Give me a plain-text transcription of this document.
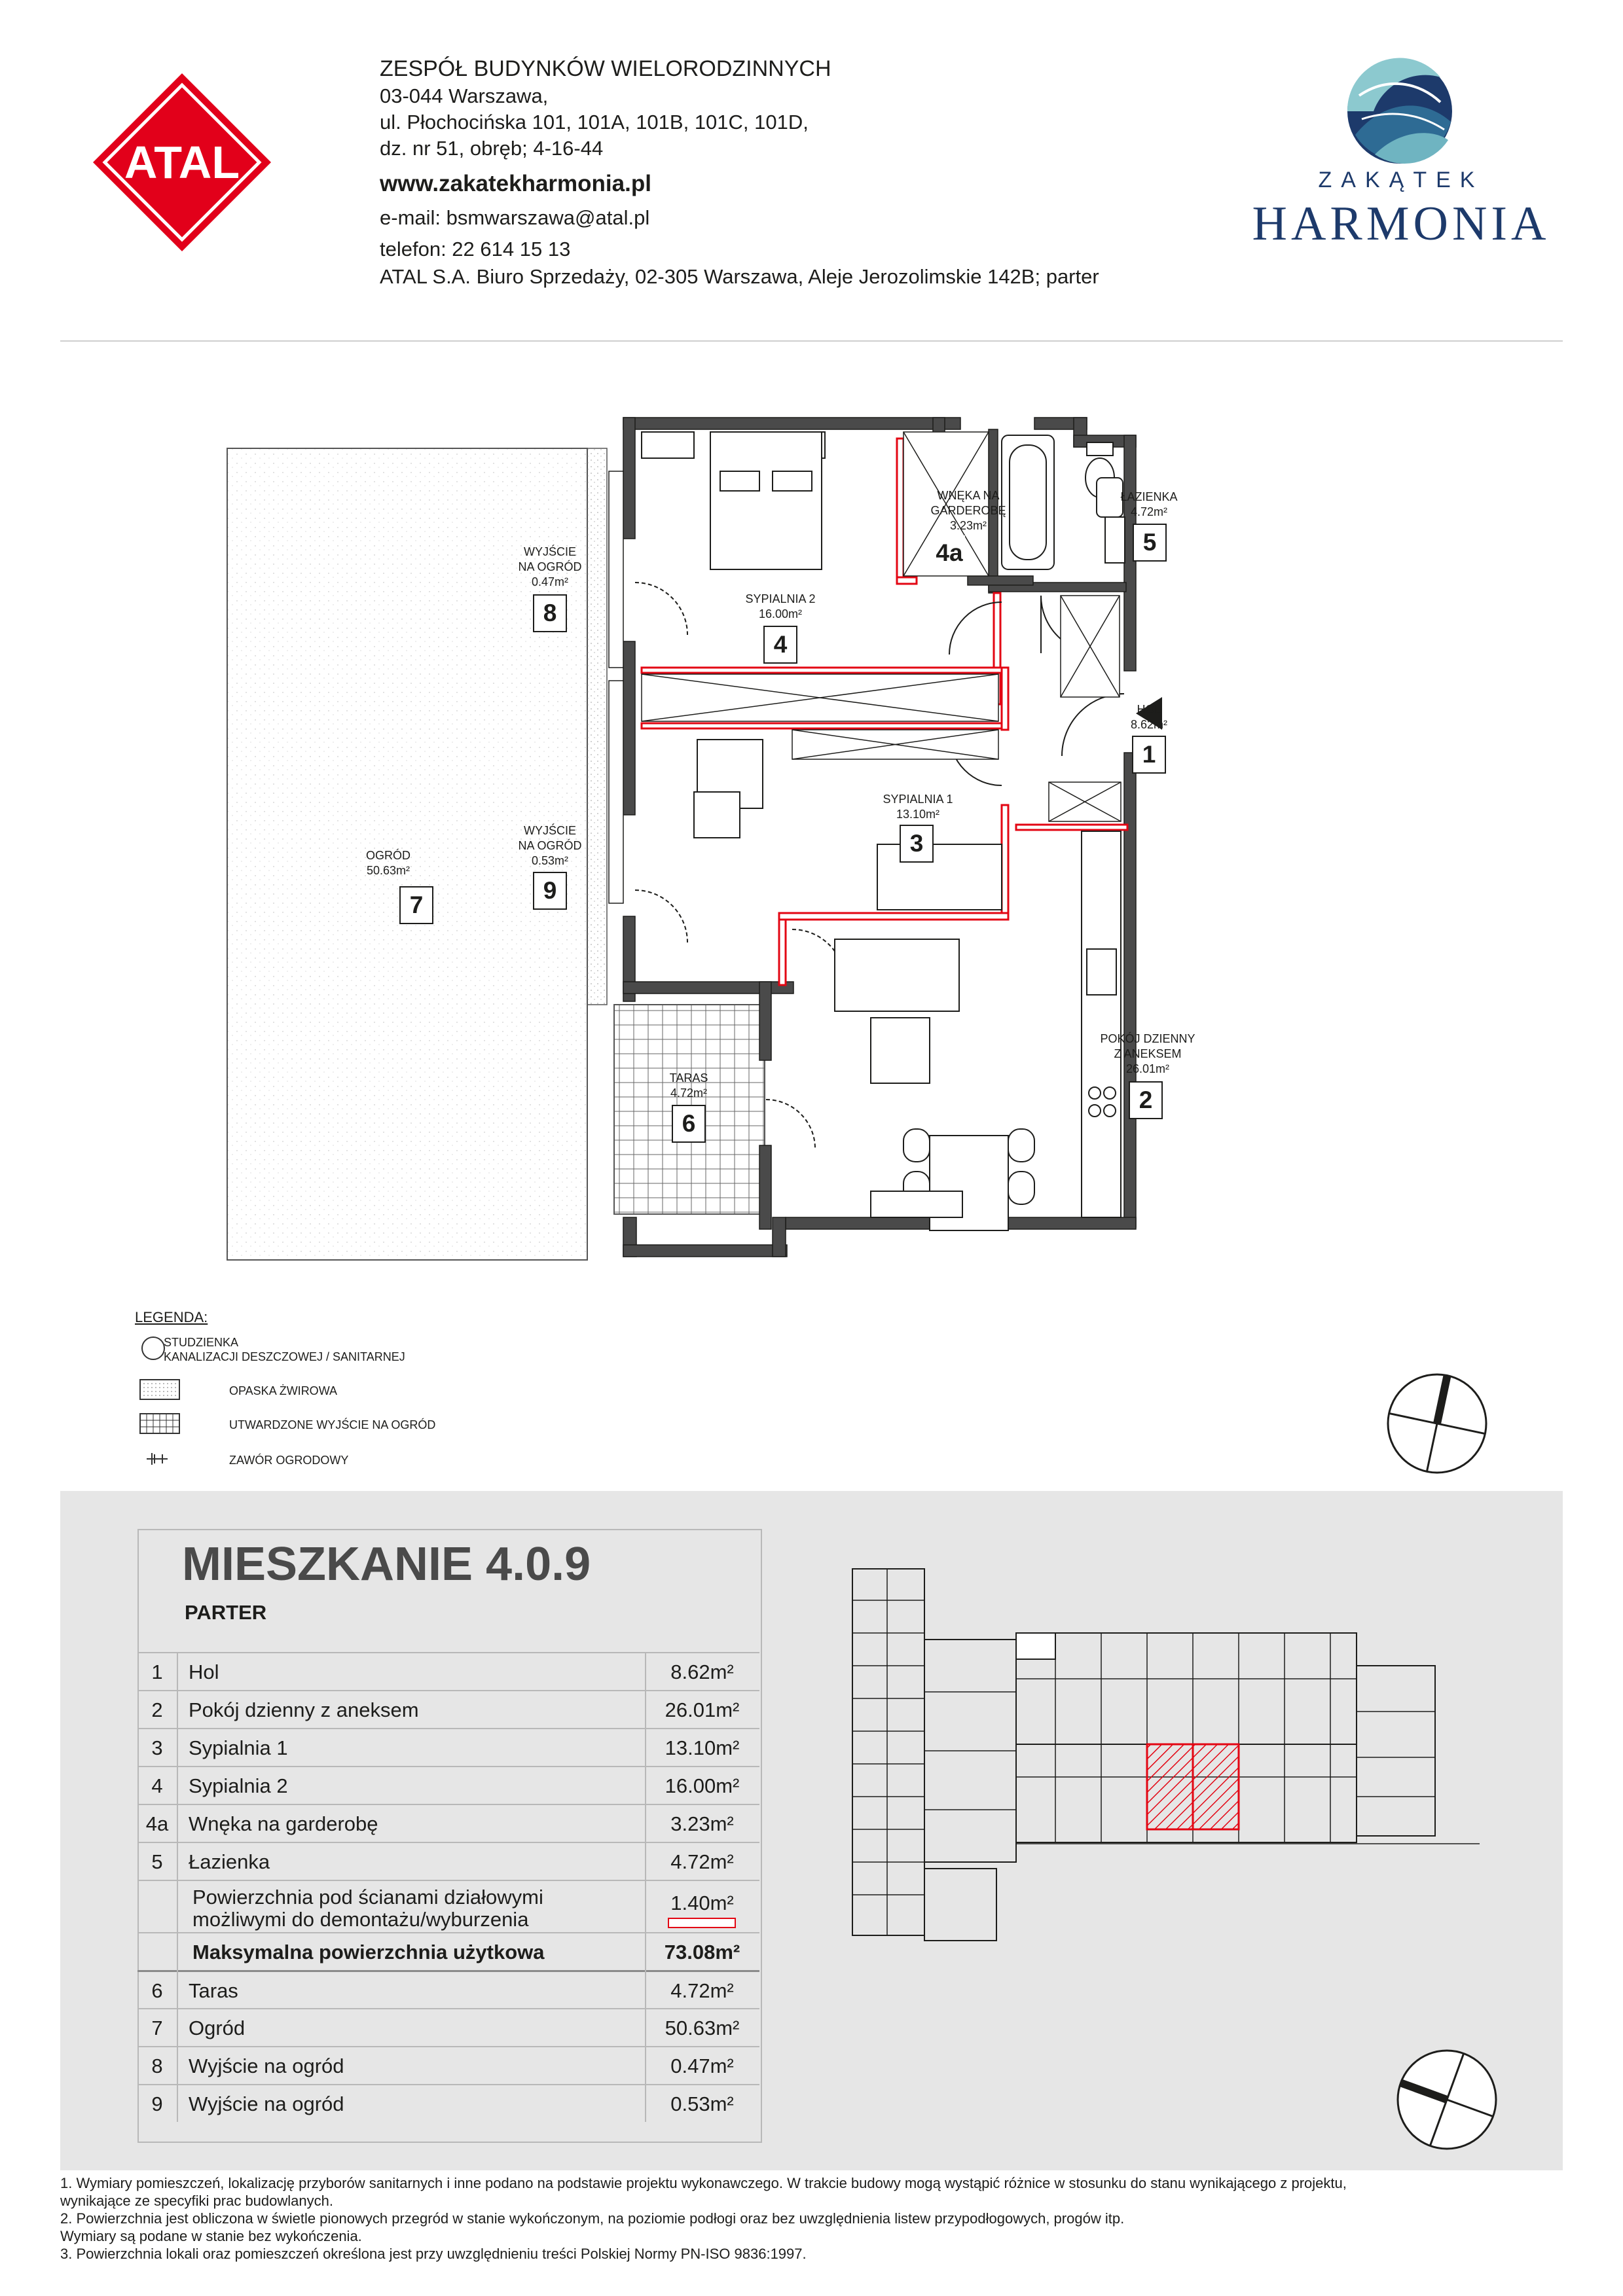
ATAL
ZESPÓŁ BUDYNKÓW WIELORODZINNYCH
03-044 Warszawa,
ul. Płochocińska 101, 101A, 101B, 101C, 101D,
dz. nr 51, obręb; 4-16-44
www.zakatekharmonia.pl
e-mail: bsmwarszawa@atal.pl
telefon: 22 614 15 13
ATAL S.A. Biuro Sprzedaży, 02-305 Warszawa, Aleje Jerozolimskie 142B; parter
ZAKĄTEK
HARMONIA
WNĘKA NA
GARDEROBĘ
3.23m²
4a
ŁAZIENKA
4.72m²
5
SYPIALNIA 2
16.00m²
4
HOL
8.62m²
1
SYPIALNIA 1
13.10m²
3
POKÓJ DZIENNY
Z ANEKSEM
26.01m²
2
TARAS
4.72m²
6
WYJŚCIE
NA OGRÓD
0.47m²
8
WYJŚCIE
NA OGRÓD
0.53m²
9
OGRÓD
50.63m²
7
LEGENDA:
STUDZIENKA
KANALIZACJI DESZCZOWEJ / SANITARNEJ
OPASKA ŻWIROWA
UTWARDZONE WYJŚCIE NA OGRÓD
ZAWÓR OGRODOWY
MIESZKANIE 4.0.9
PARTER
1	Hol	8.62m²
2	Pokój dzienny z aneksem	26.01m²
3	Sypialnia 1	13.10m²
4	Sypialnia 2	16.00m²
4a Wnęka na garderobę	3.23m²
5	Łazienka	4.72m²
Powierzchnia pod ścianami działowymi
możliwymi do demontażu/wyburzenia
1.40m²
Maksymalna powierzchnia użytkowa	73.08m²
6	Taras	4.72m²
7	Ogród	50.63m²
8	Wyjście na ogród	0.47m²
9	Wyjście na ogród	0.53m²
1. Wymiary pomieszczeń, lokalizację przyborów sanitarnych i inne podano na podstawie projektu wykonawczego. W trakcie budowy mogą wystąpić różnice w stosunku do stanu wynikającego z projektu,
wynikające ze specyfiki prac budowlanych.
2. Powierzchnia jest obliczona w świetle pionowych przegród w stanie wykończonym, na poziomie podłogi oraz bez uwzględnienia listew przypodłogowych, progów itp.
Wymiary są podane w stanie bez wykończenia.
3. Powierzchnia lokali oraz pomieszczeń określona jest przy uwzględnieniu treści Polskiej Normy PN-ISO 9836:1997.
